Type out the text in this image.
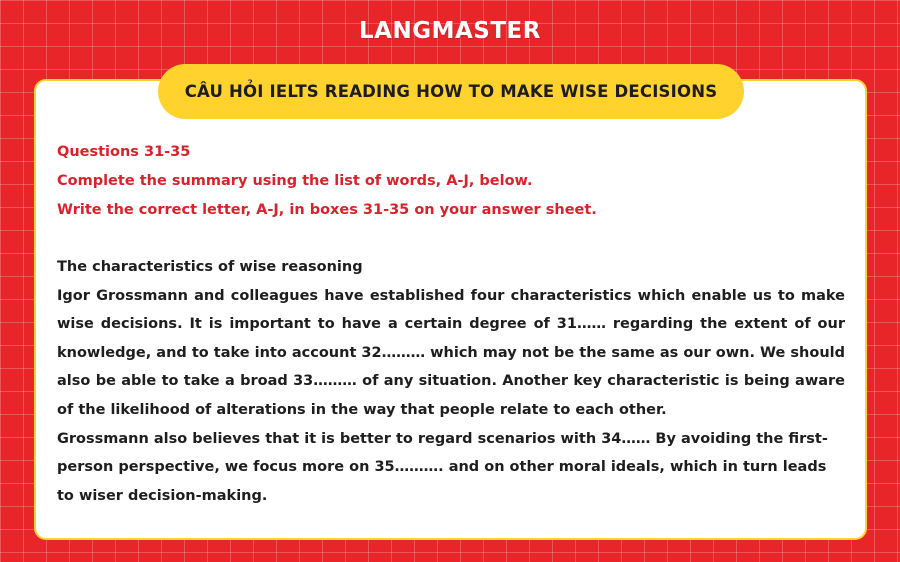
LANGMASTER
CÂU HỎI IELTS READING HOW TO MAKE WISE DECISIONS
Questions 31-35
Complete the summary using the list of words, A-J, below.
Write the correct letter, A-J, in boxes 31-35 on your answer sheet.
The characteristics of wise reasoning

Igor Grossmann and colleagues have established four characteristics which enable us to make wise decisions. It is important to have a certain degree of 31…… regarding the extent of our knowledge, and to take into account 32……… which may not be the same as our own. We should also be able to take a broad 33……… of any situation. Another key characteristic is being aware of the likelihood of alterations in the way that people relate to each other.

Grossmann also believes that it is better to regard scenarios with 34…… By avoiding the first-person perspective, we focus more on 35………. and on other moral ideals, which in turn leads to wiser decision-making.
